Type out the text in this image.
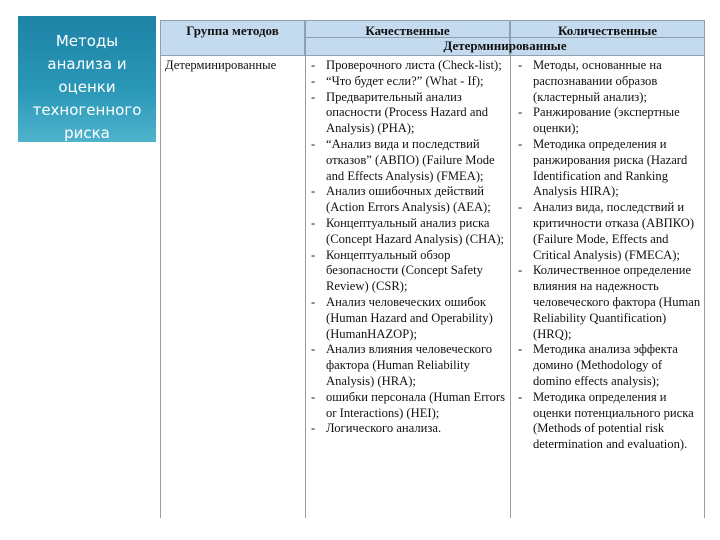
Методы
анализа и
оценки
техногенного
риска
Группа методов	Качественные	Количественные
Детерминированные
Детерминированные
-	Проверочного листа (Check-list);
- “Что будет если?” (What - If);
- Предварительный анализ опасности (Process Hazard and Analysis) (PHA);
- “Анализ вида и последствий отказов” (АВПО) (Failure Mode and Effects Analysis) (FMEA);
- Анализ ошибочных действий (Action Errors Analysis) (AEA);
- Концептуальный анализ риска (Concept Hazard Analysis) (CHA);
- Концептуальный обзор безопасности (Concept Safety Review) (CSR);
- Анализ человеческих ошибок (Human Hazard and Operability) (HumanHAZOP);
- Анализ влияния человеческого фактора (Human Reliability Analysis) (HRA);
- ошибки персонала (Human Errors or Interactions) (HEI);
- Логического анализа.
- Методы, основанные на распознавании образов (кластерный анализ);
- Ранжирование (экспертные оценки);
- Методика определения и ранжирования риска (Hazard Identification and Ranking Analysis HIRA);
- Анализ вида, последствий и критичности отказа (АВПКО) (Failure Mode, Effects and Critical Analysis) (FMECA);
- Количественное определение влияния на надежность человеческого фактора (Human Reliability Quantification) (HRQ);
- Методика анализа эффекта домино (Methodology of domino effects analysis);
- Методика определения и оценки потенциального риска (Methods of potential risk determination and evaluation).
